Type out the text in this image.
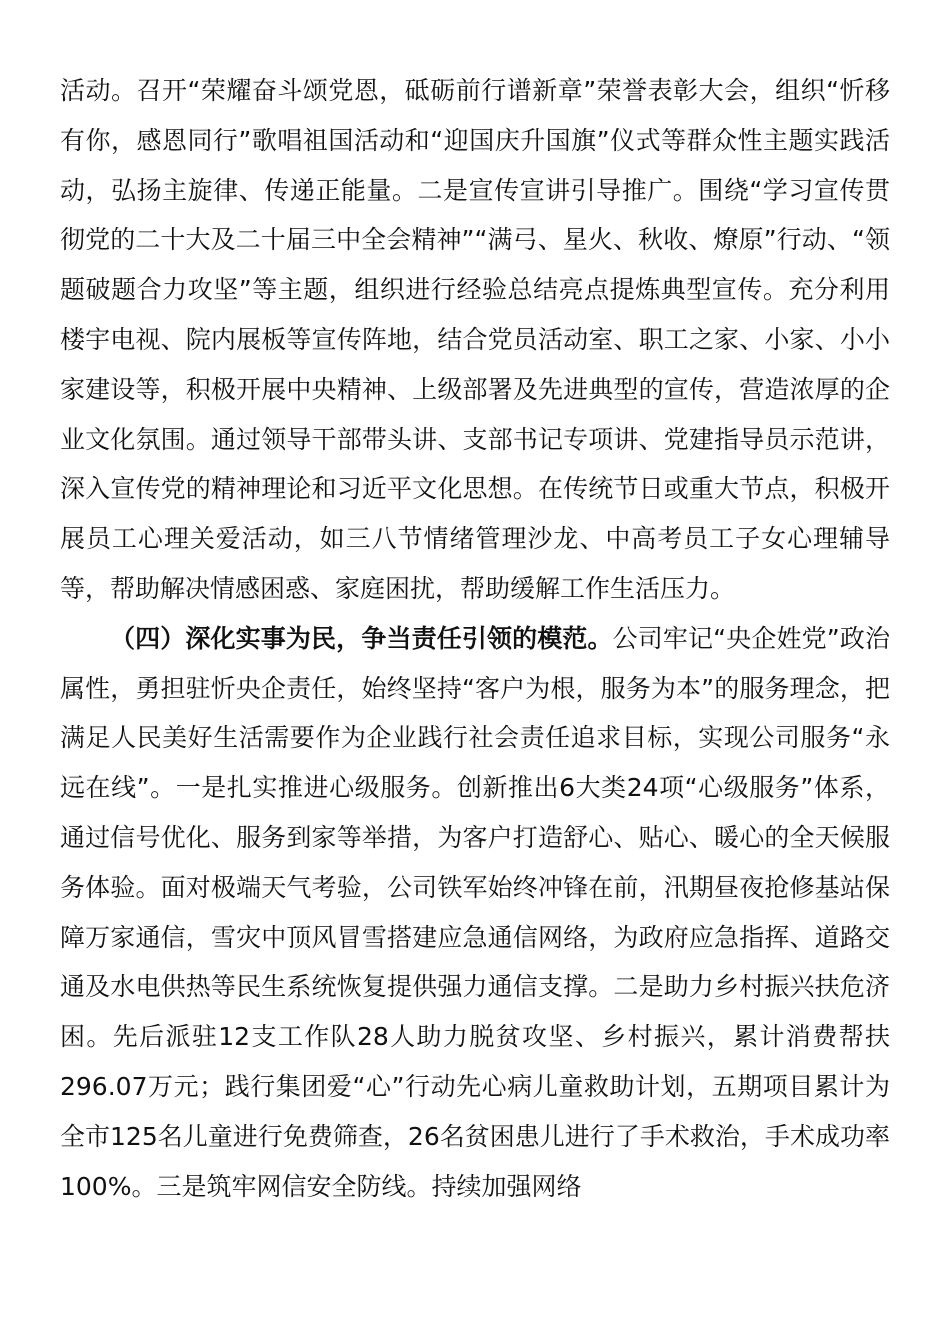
活动。召开“荣耀奋斗颂党恩，砥砺前行谱新章”荣誉表彰大会，组织“忻移有你，感恩同行”歌唱祖国活动和“迎国庆升国旗”仪式等群众性主题实践活动，弘扬主旋律、传递正能量。二是宣传宣讲引导推广。围绕“学习宣传贯彻党的二十大及二十届三中全会精神”“满弓、星火、秋收、燎原”行动、“领题破题合力攻坚”等主题，组织进行经验总结亮点提炼典型宣传。充分利用楼宇电视、院内展板等宣传阵地，结合党员活动室、职工之家、小家、小小家建设等，积极开展中央精神、上级部署及先进典型的宣传，营造浓厚的企业文化氛围。通过领导干部带头讲、支部书记专项讲、党建指导员示范讲，深入宣传党的精神理论和习近平文化思想。在传统节日或重大节点，积极开展员工心理关爱活动，如三八节情绪管理沙龙、中高考员工子女心理辅导等，帮助解决情感困惑、家庭困扰，帮助缓解工作生活压力。

（四）深化实事为民，争当责任引领的模范。公司牢记“央企姓党”政治属性，勇担驻忻央企责任，始终坚持“客户为根，服务为本”的服务理念，把满足人民美好生活需要作为企业践行社会责任追求目标，实现公司服务“永远在线”。一是扎实推进心级服务。创新推出6大类24项“心级服务”体系，通过信号优化、服务到家等举措，为客户打造舒心、贴心、暖心的全天候服务体验。面对极端天气考验，公司铁军始终冲锋在前，汛期昼夜抢修基站保障万家通信，雪灾中顶风冒雪搭建应急通信网络，为政府应急指挥、道路交通及水电供热等民生系统恢复提供强力通信支撑。二是助力乡村振兴扶危济困。先后派驻12支工作队28人助力脱贫攻坚、乡村振兴，累计消费帮扶296.07万元；践行集团爱“心”行动先心病儿童救助计划，五期项目累计为全市125名儿童进行免费筛查，26名贫困患儿进行了手术救治，手术成功率100%。三是筑牢网信安全防线。持续加强网络
